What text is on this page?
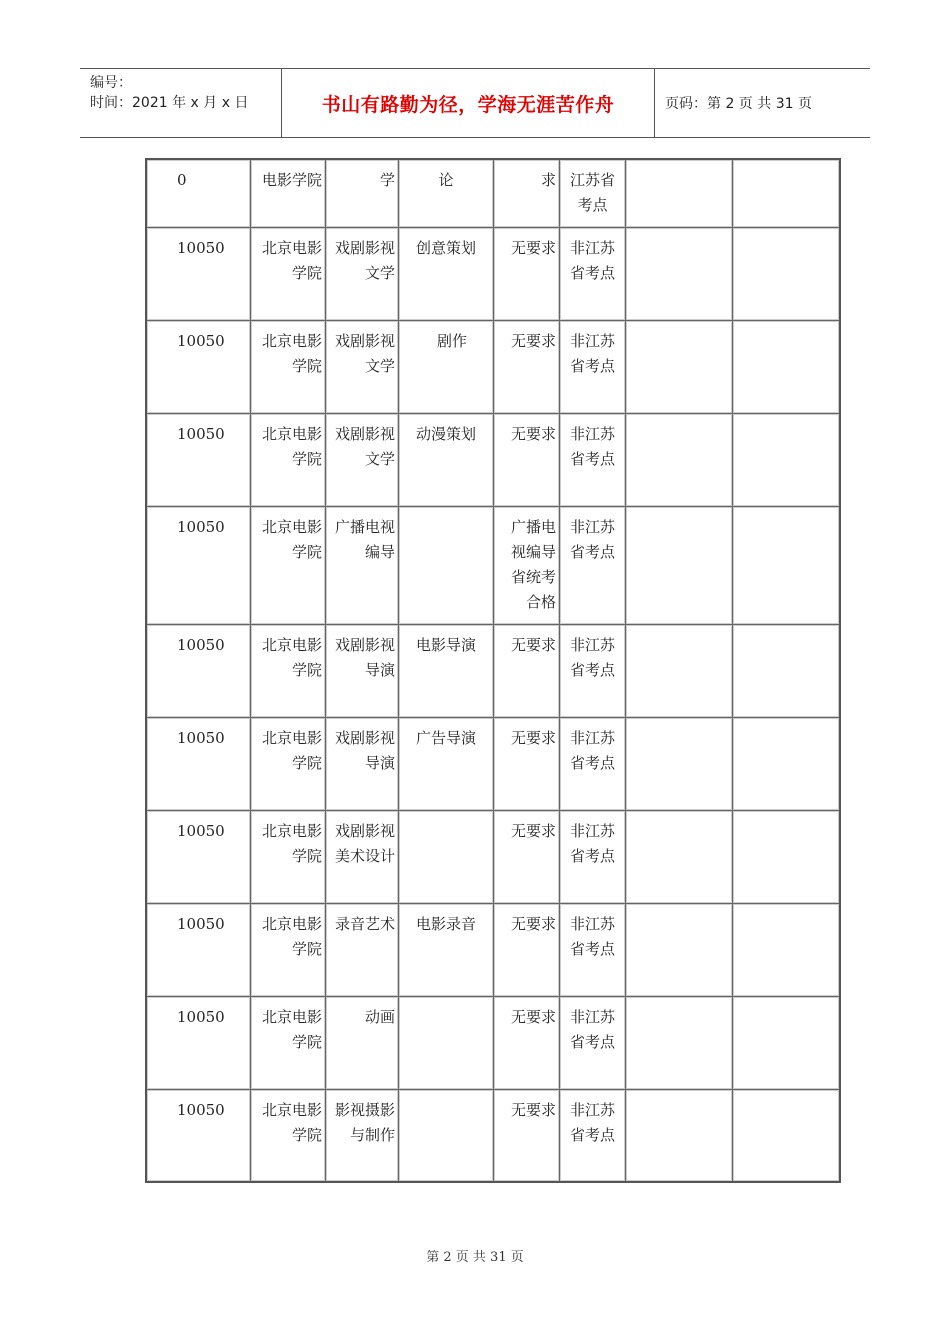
编号：
时间：2021 年 x 月 x 日	书山有路勤为径，学海无涯苦作舟	页码：第 2 页 共 31 页
0	电影学院	学	论	求	江苏省考点		
10050	北京电影学院	戏剧影视文学	创意策划	无要求	非江苏省考点		
10050	北京电影学院	戏剧影视文学	剧作	无要求	非江苏省考点		
10050	北京电影学院	戏剧影视文学	动漫策划	无要求	非江苏省考点		
10050	北京电影学院	广播电视编导		广播电视编导省统考合格	非江苏省考点		
10050	北京电影学院	戏剧影视导演	电影导演	无要求	非江苏省考点		
10050	北京电影学院	戏剧影视导演	广告导演	无要求	非江苏省考点		
10050	北京电影学院	戏剧影视美术设计		无要求	非江苏省考点		
10050	北京电影学院	录音艺术	电影录音	无要求	非江苏省考点		
10050	北京电影学院	动画		无要求	非江苏省考点		
10050	北京电影学院	影视摄影与制作		无要求	非江苏省考点		
第 2 页 共 31 页
